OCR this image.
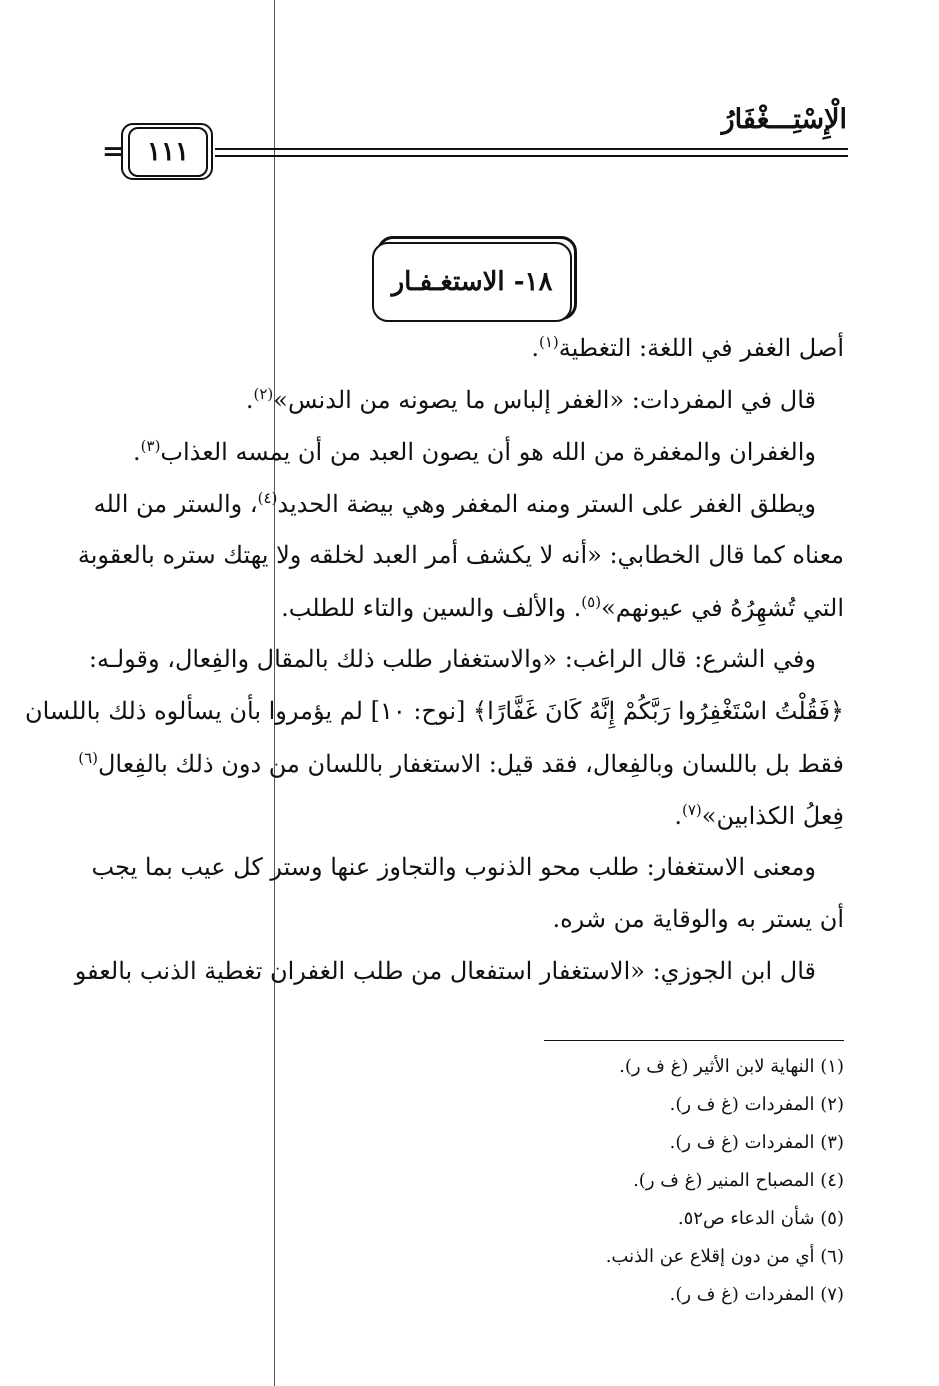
الْإِسْتِـــغْفَارُ
= ١١١
١٨- الاستغـفـار
أصل الغفر في اللغة: التغطية$^{(١)}$.
قال في المفردات: «الغفر إلباس ما يصونه من الدنس»$^{(٢)}$.
والغفران والمغفرة من الله هو أن يصون العبد من أن يمسه العذاب$^{(٣)}$.
ويطلق الغفر على الستر ومنه المغفر وهي بيضة الحديد$^{(٤)}$، والستر من الله
معناه كما قال الخطابي: «أنه لا يكشف أمر العبد لخلقه ولا يهتك ستره بالعقوبة
التي تُشهِرُهُ في عيونهم»$^{(٥)}$. والألف والسين والتاء للطلب.
وفي الشرع: قال الراغب: «والاستغفار طلب ذلك بالمقال والفِعال، وقولـه:
﴿فَقُلْتُ اسْتَغْفِرُوا رَبَّكُمْ إِنَّهُ كَانَ غَفَّارًا﴾ [نوح: ١٠] لم يؤمروا بأن يسألوه ذلك باللسان
فقط بل باللسان وبالفِعال، فقد قيل: الاستغفار باللسان من دون ذلك بالفِعال$^{(٦)}$
فِعلُ الكذابين»$^{(٧)}$.
ومعنى الاستغفار: طلب محو الذنوب والتجاوز عنها وستر كل عيب بما يجب
أن يستر به والوقاية من شره.
قال ابن الجوزي: «الاستغفار استفعال من طلب الغفران تغطية الذنب بالعفو
(١) النهاية لابن الأثير (غ ف ر).
(٢) المفردات (غ ف ر).
(٣) المفردات (غ ف ر).
(٤) المصباح المنير (غ ف ر).
(٥) شأن الدعاء ص٥٢.
(٦) أي من دون إقلاع عن الذنب.
(٧) المفردات (غ ف ر).
